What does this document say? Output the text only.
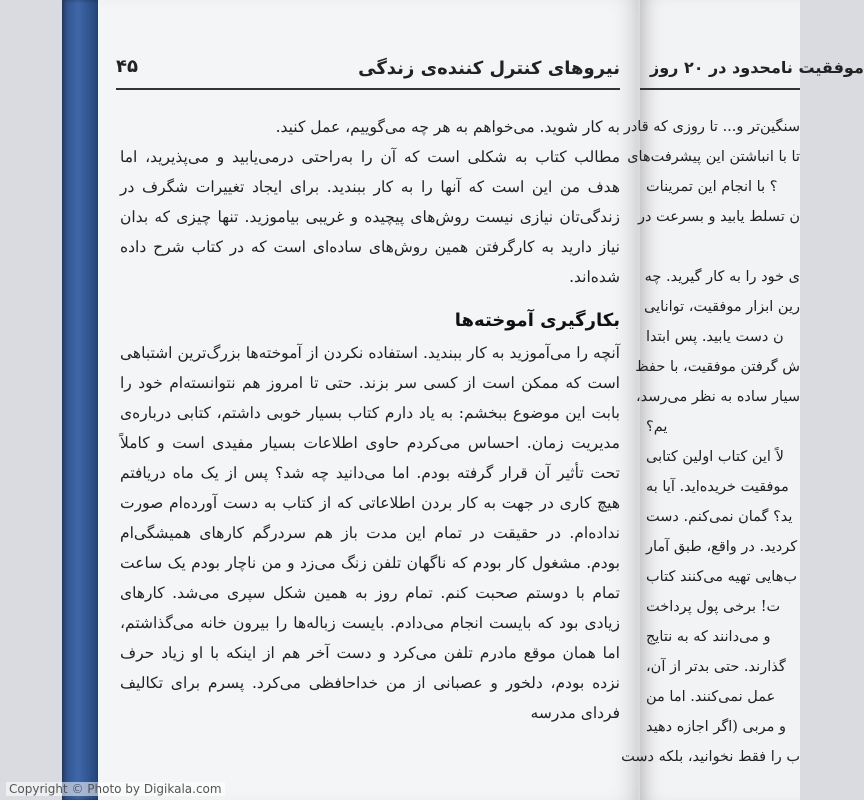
نیروهای کنترل کننده‌ی زندگی
۴۵

به کار شوید. می‌خواهم به هر چه می‌گوییم، عمل کنید.

مطالب کتاب به شکلی است که آن را به‌راحتی درمی‌یابید و می‌پذیرید، اما هدف من این است که آنها را به کار ببندید. برای ایجاد تغییرات شگرف در زندگی‌تان نیازی نیست روش‌های پیچیده و غریبی بیاموزید. تنها چیزی که بدان نیاز دارید به کارگرفتن همین روش‌های ساده‌ای است که در کتاب شرح داده شده‌اند.

بکارگیری آموخته‌ها

آنچه را می‌آموزید به کار ببندید. استفاده نکردن از آموخته‌ها بزرگ‌ترین اشتباهی است که ممکن است از کسی سر بزند. حتی تا امروز هم نتوانسته‌ام خود را بابت این موضوع ببخشم: به یاد دارم کتاب بسیار خوبی داشتم، کتابی درباره‌ی مدیریت زمان. احساس می‌کردم حاوی اطلاعات بسیار مفیدی است و کاملاً تحت تأثیر آن قرار گرفته بودم. اما می‌دانید چه شد؟ پس از یک ماه دریافتم هیچ کاری در جهت به کار بردن اطلاعاتی که از کتاب به دست آورده‌ام صورت نداده‌ام. در حقیقت در تمام این مدت باز هم سردرگم کارهای همیشگی‌ام بودم. مشغول کار بودم که ناگهان تلفن زنگ می‌زد و من ناچار بودم یک ساعت تمام با دوستم صحبت کنم. تمام روز به همین شکل سپری می‌شد. کارهای زیادی بود که بایست انجام می‌دادم. بایست زباله‌ها را بیرون خانه می‌گذاشتم، اما همان موقع مادرم تلفن می‌کرد و دست آخر هم از اینکه با او زیاد حرف نزده بودم، دلخور و عصبانی از من خداحافظی می‌کرد. پسرم برای تکالیف فردای مدرسه

موفقیت نامحدود در ۲۰ روز
سنگین‌تر و... تا روزی که قادر
تا با انباشتن این پیشرفت‌های
؟ با انجام این تمرینات
ن تسلط یابید و بسرعت در
ی خود را به کار گیرید. چه
رین ابزار موفقیت، توانایی
ن دست یابید. پس ابتدا
ش گرفتن موفقیت، با حفظ
سیار ساده به نظر می‌رسد،
یم؟
لاً این کتاب اولین کتابی
موفقیت خریده‌اید. آیا به
ید؟ گمان نمی‌کنم. دست
کردید. در واقع، طبق آمار
ب‌هایی تهیه می‌کنند کتاب
ت! برخی پول پرداخت
و می‌دانند که به نتایج
گذارند. حتی بدتر از آن،
عمل نمی‌کنند. اما من
و مربی (اگر اجازه دهید
ب را فقط نخوانید، بلکه دست
Copyright © Photo by Digikala.com
